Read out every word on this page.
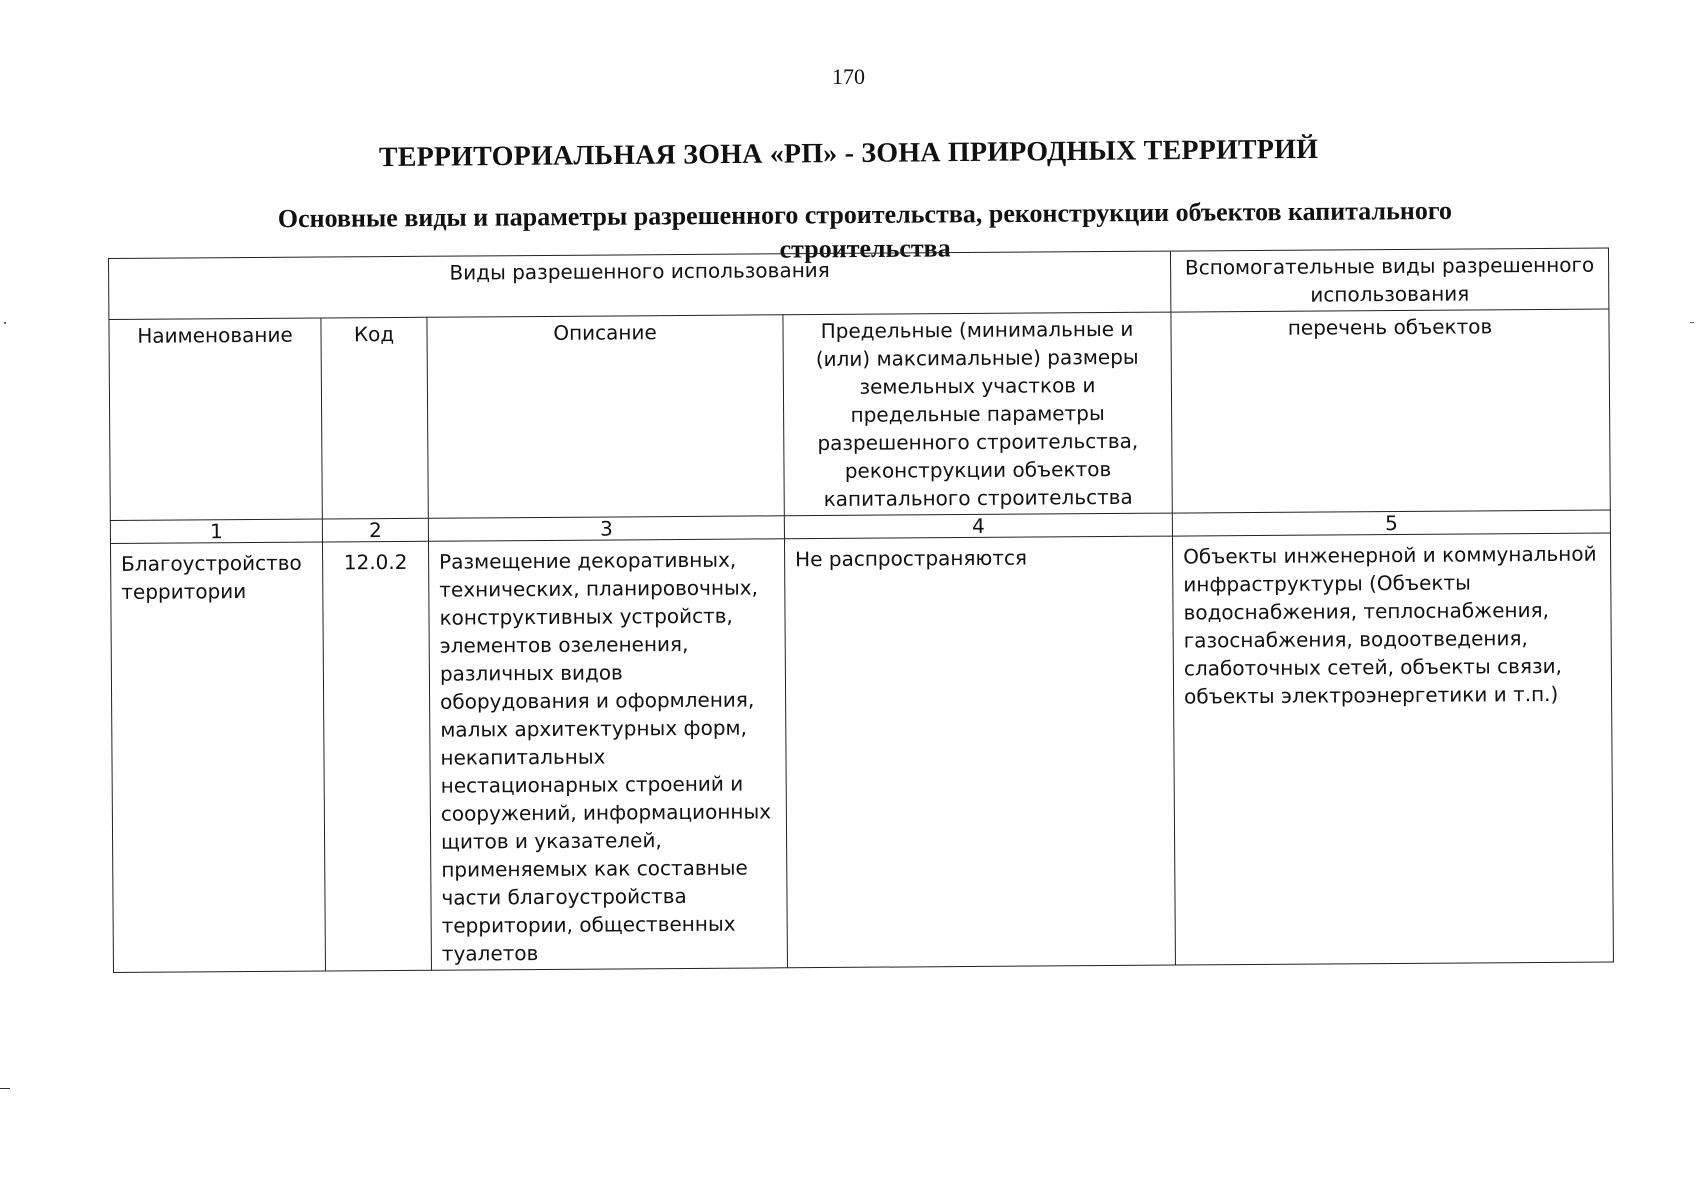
170
ТЕРРИТОРИАЛЬНАЯ ЗОНА «РП» - ЗОНА ПРИРОДНЫХ ТЕРРИТРИЙ
Основные виды и параметры разрешенного строительства, реконструкции объектов капитального строительства
Виды разрешенного использования				Вспомогательные виды разрешенного использования
Наименование	Код	Описание	Предельные (минимальные и (или) максимальные) размеры земельных участков и предельные параметры разрешенного строительства, реконструкции объектов капитального строительства	перечень объектов
1	2	3	4	5
Благоустройство территории	12.0.2	Размещение декоративных, технических, планировочных, конструктивных устройств, элементов озеленения, различных видов оборудования и оформления, малых архитектурных форм, некапитальных нестационарных строений и сооружений, информационных щитов и указателей, применяемых как составные части благоустройства территории, общественных туалетов	Не распространяются	Объекты инженерной и коммунальной инфраструктуры (Объекты водоснабжения, теплоснабжения, газоснабжения, водоотведения, слаботочных сетей, объекты связи, объекты электроэнергетики и т.п.)
